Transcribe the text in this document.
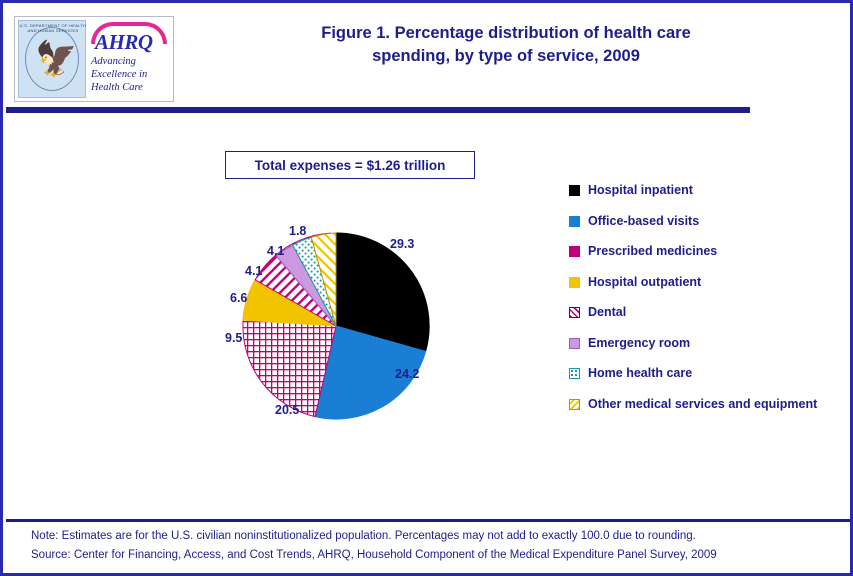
U.S. DEPARTMENT OF HEALTH AND HUMAN SERVICES
🦅 AHRQ
Advancing
Excellence in
Health Care
Figure 1. Percentage distribution of health care
spending, by type of service, 2009
Total expenses = $1.26 trillion
29.3
24.2
20.5
9.5
6.6
4.1
4.1
1.8
Hospital inpatient
Office-based visits
Prescribed medicines
Hospital outpatient
Dental
Emergency room
Home health care
Other medical services and equipment
Note: Estimates are for the U.S. civilian noninstitutionalized population. Percentages may not add to exactly 100.0 due to rounding.
Source: Center for Financing, Access, and Cost Trends, AHRQ, Household Component of the Medical Expenditure Panel Survey, 2009
